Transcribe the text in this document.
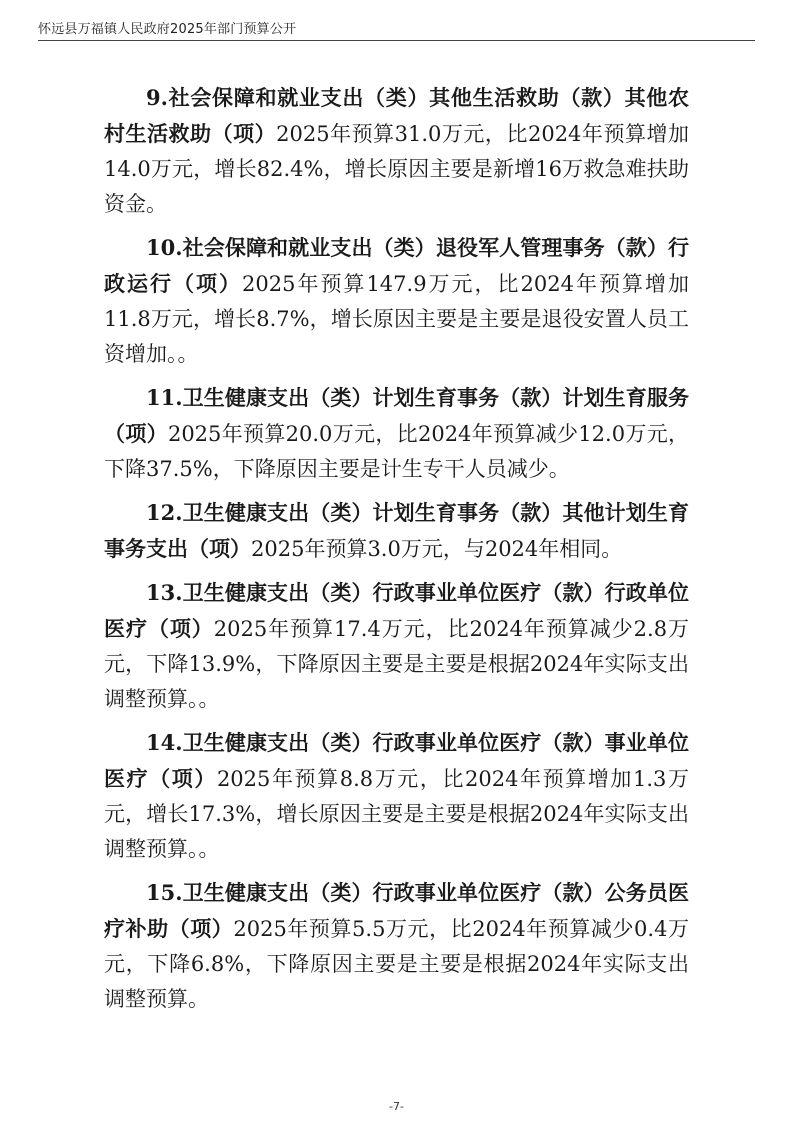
怀远县万福镇人民政府2025年部门预算公开

9.社会保障和就业支出（类）其他生活救助（款）其他农村生活救助（项）2025年预算31.0万元，比2024年预算增加14.0万元，增长82.4%，增长原因主要是新增16万救急难扶助资金。

10.社会保障和就业支出（类）退役军人管理事务（款）行政运行（项）2025年预算147.9万元，比2024年预算增加11.8万元，增长8.7%，增长原因主要是主要是退役安置人员工资增加。。

11.卫生健康支出（类）计划生育事务（款）计划生育服务（项）2025年预算20.0万元，比2024年预算减少12.0万元，下降37.5%，下降原因主要是计生专干人员减少。

12.卫生健康支出（类）计划生育事务（款）其他计划生育事务支出（项）2025年预算3.0万元，与2024年相同。

13.卫生健康支出（类）行政事业单位医疗（款）行政单位医疗（项）2025年预算17.4万元，比2024年预算减少2.8万元，下降13.9%，下降原因主要是主要是根据2024年实际支出调整预算。。

14.卫生健康支出（类）行政事业单位医疗（款）事业单位医疗（项）2025年预算8.8万元，比2024年预算增加1.3万元，增长17.3%，增长原因主要是主要是根据2024年实际支出调整预算。。

15.卫生健康支出（类）行政事业单位医疗（款）公务员医疗补助（项）2025年预算5.5万元，比2024年预算减少0.4万元，下降6.8%，下降原因主要是主要是根据2024年实际支出调整预算。

-7-
